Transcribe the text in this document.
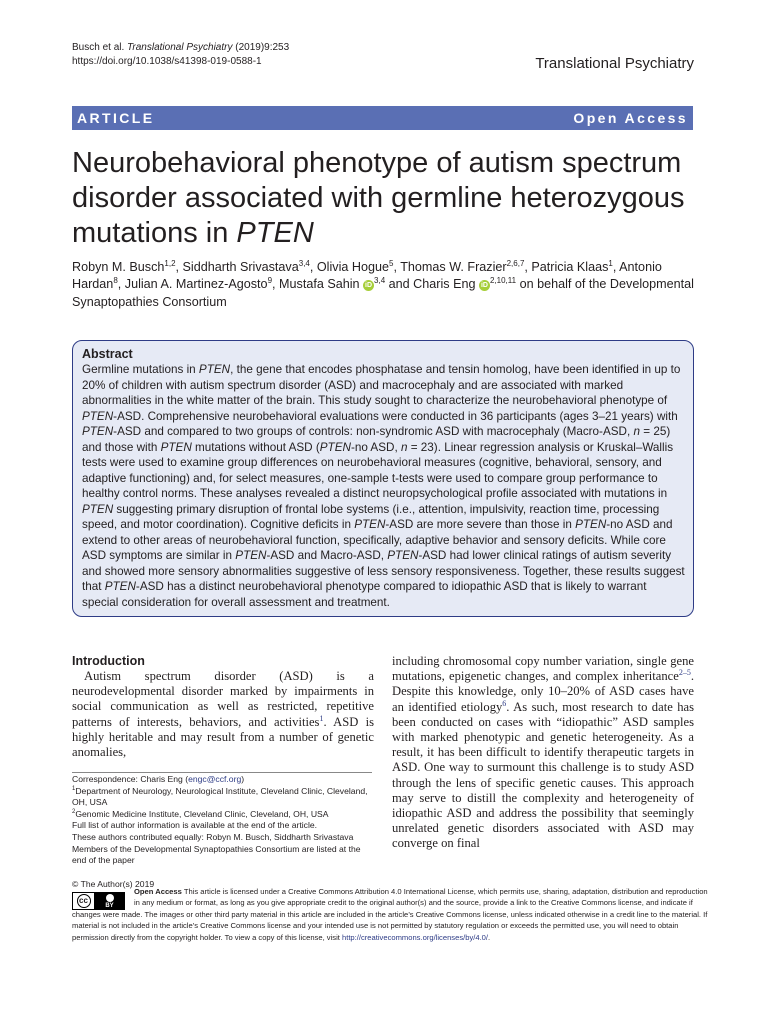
Busch et al. Translational Psychiatry (2019)9:253
https://doi.org/10.1038/s41398-019-0588-1	Translational Psychiatry
ARTICLE	Open Access
Neurobehavioral phenotype of autism spectrum disorder associated with germline heterozygous mutations in PTEN
Robyn M. Busch$^{1,2}$, Siddharth Srivastava$^{3,4}$, Olivia Hogue$^5$, Thomas W. Frazier$^{2,6,7}$, Patricia Klaas$^1$, Antonio Hardan$^8$, Julian A. Martinez-Agosto$^9$, Mustafa Sahin iD $^{3,4}$ and Charis Eng iD $^{2,10,11}$ on behalf of the Developmental Synaptopathies Consortium
Abstract

Germline mutations in PTEN, the gene that encodes phosphatase and tensin homolog, have been identified in up to 20% of children with autism spectrum disorder (ASD) and macrocephaly and are associated with marked abnormalities in the white matter of the brain. This study sought to characterize the neurobehavioral phenotype of PTEN-ASD. Comprehensive neurobehavioral evaluations were conducted in 36 participants (ages 3–21 years) with PTEN-ASD and compared to two groups of controls: non-syndromic ASD with macrocephaly (Macro-ASD, n = 25) and those with PTEN mutations without ASD (PTEN-no ASD, n = 23). Linear regression analysis or Kruskal–Wallis tests were used to examine group differences on neurobehavioral measures (cognitive, behavioral, sensory, and adaptive functioning) and, for select measures, one-sample t-tests were used to compare group performance to healthy control norms. These analyses revealed a distinct neuropsychological profile associated with mutations in PTEN suggesting primary disruption of frontal lobe systems (i.e., attention, impulsivity, reaction time, processing speed, and motor coordination). Cognitive deficits in PTEN-ASD are more severe than those in PTEN-no ASD and extend to other areas of neurobehavioral function, specifically, adaptive behavior and sensory deficits. While core ASD symptoms are similar in PTEN-ASD and Macro-ASD, PTEN-ASD had lower clinical ratings of autism severity and showed more sensory abnormalities suggestive of less sensory responsiveness. Together, these results suggest that PTEN-ASD has a distinct neurobehavioral phenotype compared to idiopathic ASD that is likely to warrant special consideration for overall assessment and treatment.

Introduction

Autism spectrum disorder (ASD) is a neurodevelopmental disorder marked by impairments in social communication as well as restricted, repetitive patterns of interests, behaviors, and activities$^1$. ASD is highly heritable and may result from a number of genetic anomalies,

including chromosomal copy number variation, single gene mutations, epigenetic changes, and complex inheritance$^{2-5}$. Despite this knowledge, only 10–20% of ASD cases have an identified etiology$^6$. As such, most research to date has been conducted on cases with “idiopathic” ASD samples with marked phenotypic and genetic heterogeneity. As a result, it has been difficult to identify therapeutic targets in ASD. One way to surmount this challenge is to study ASD through the lens of specific genetic causes. This approach may serve to distill the complexity and heterogeneity of idiopathic ASD and address the possibility that seemingly unrelated genetic disorders associated with ASD may converge on final

Correspondence: Charis Eng (engc@ccf.org)
$^1$Department of Neurology, Neurological Institute, Cleveland Clinic, Cleveland, OH, USA
$^2$Genomic Medicine Institute, Cleveland Clinic, Cleveland, OH, USA
Full list of author information is available at the end of the article.
These authors contributed equally: Robyn M. Busch, Siddharth Srivastava
Members of the Developmental Synaptopathies Consortium are listed at the end of the paper
© The Author(s) 2019
cc
BY
Open Access This article is licensed under a Creative Commons Attribution 4.0 International License, which permits use, sharing, adaptation, distribution and reproduction
in any medium or format, as long as you give appropriate credit to the original author(s) and the source, provide a link to the Creative Commons license, and indicate if
changes were made. The images or other third party material in this article are included in the article’s Creative Commons license, unless indicated otherwise in a credit line to the material. If
material is not included in the article’s Creative Commons license and your intended use is not permitted by statutory regulation or exceeds the permitted use, you will need to obtain
permission directly from the copyright holder. To view a copy of this license, visit http://creativecommons.org/licenses/by/4.0/.
